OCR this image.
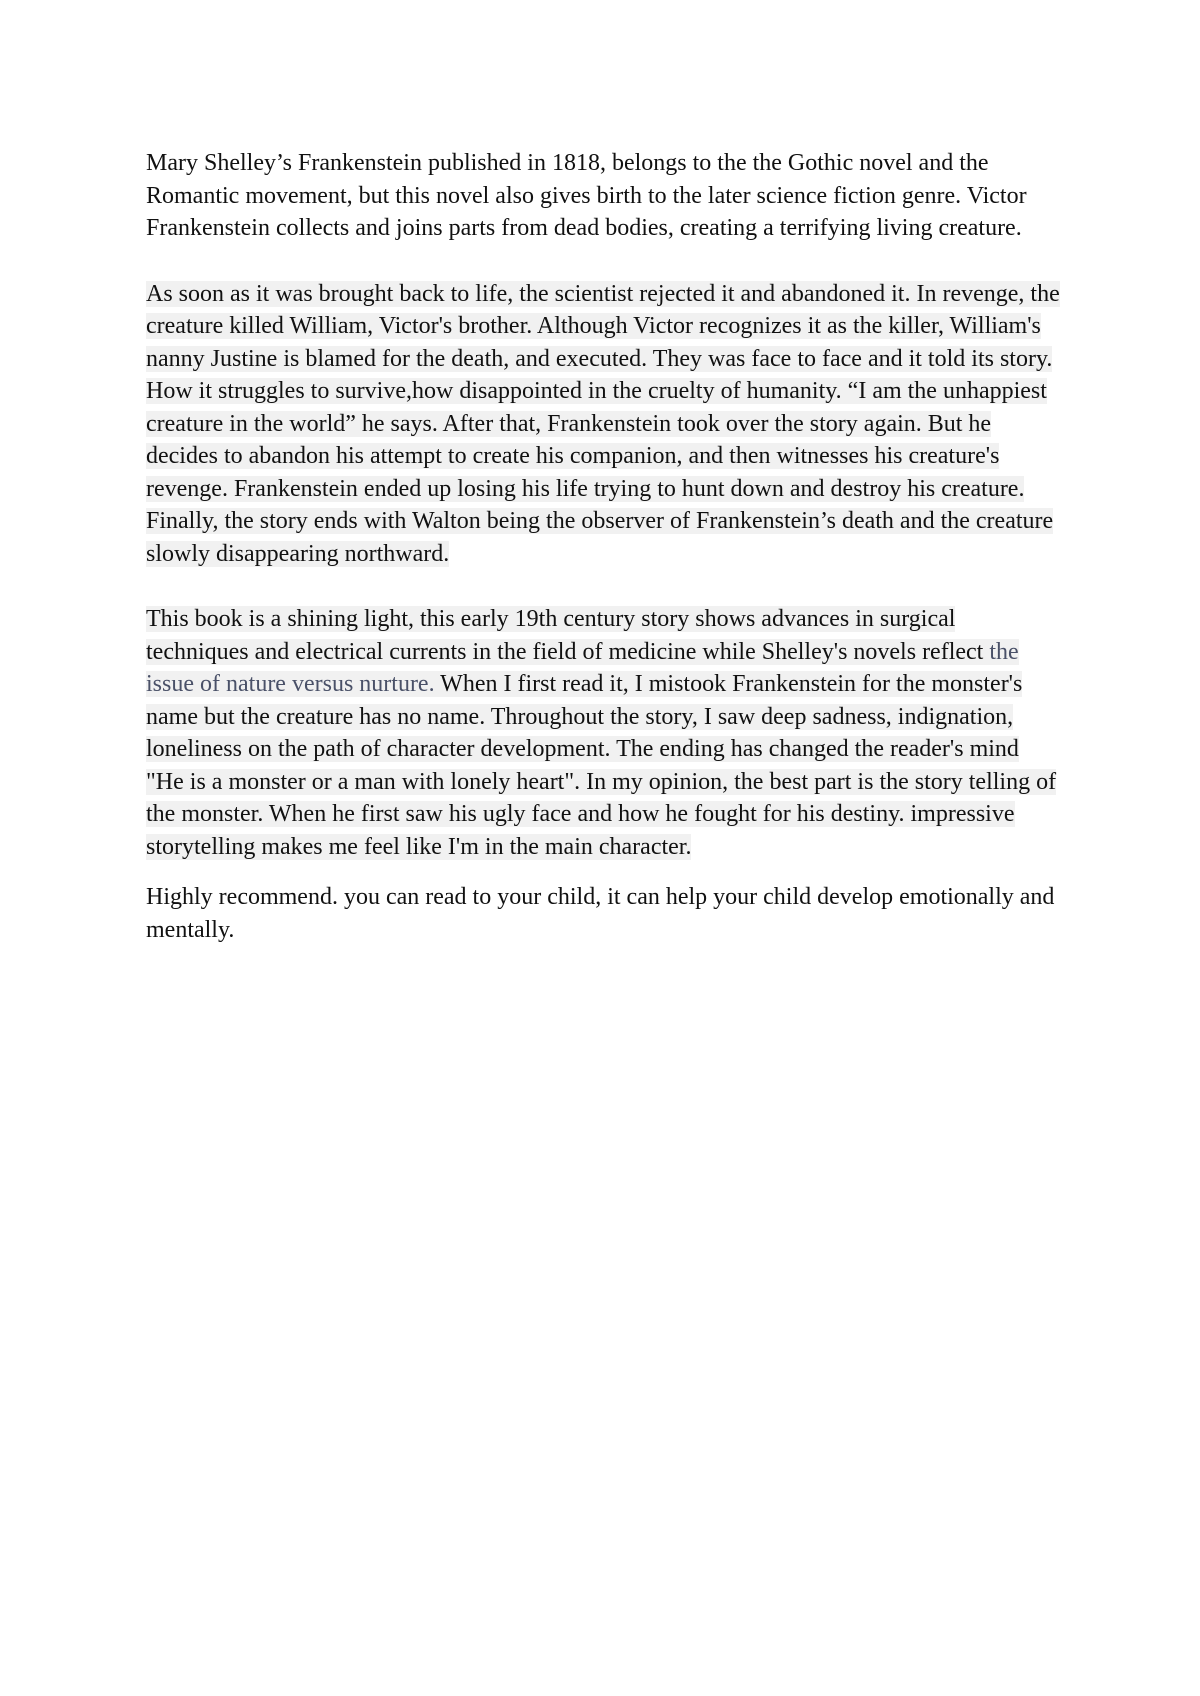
Mary Shelley’s Frankenstein published in 1818, belongs to the the Gothic novel and the Romantic movement, but this novel also gives birth to the later science fiction genre. Victor Frankenstein collects and joins parts from dead bodies, creating a terrifying living creature.

As soon as it was brought back to life, the scientist rejected it and abandoned it. In revenge, the creature killed William, Victor's brother. Although Victor recognizes it as the killer, William's nanny Justine is blamed for the death, and executed. They was face to face and it told its story. How it struggles to survive,how disappointed in the cruelty of humanity. “I am the unhappiest creature in the world” he says. After that, Frankenstein took over the story again. But he decides to abandon his attempt to create his companion, and then witnesses his creature's revenge. Frankenstein ended up losing his life trying to hunt down and destroy his creature. Finally, the story ends with Walton being the observer of Frankenstein’s death and the creature slowly disappearing northward.

This book is a shining light, this early 19th century story shows advances in surgical techniques and electrical currents in the field of medicine while Shelley's novels reflect the issue of nature versus nurture. When I first read it, I mistook Frankenstein for the monster's name but the creature has no name. Throughout the story, I saw deep sadness, indignation, loneliness on the path of character development. The ending has changed the reader's mind "He is a monster or a man with lonely heart". In my opinion, the best part is the story telling of the monster. When he first saw his ugly face and how he fought for his destiny. impressive storytelling makes me feel like I'm in the main character.

Highly recommend. you can read to your child, it can help your child develop emotionally and mentally.
